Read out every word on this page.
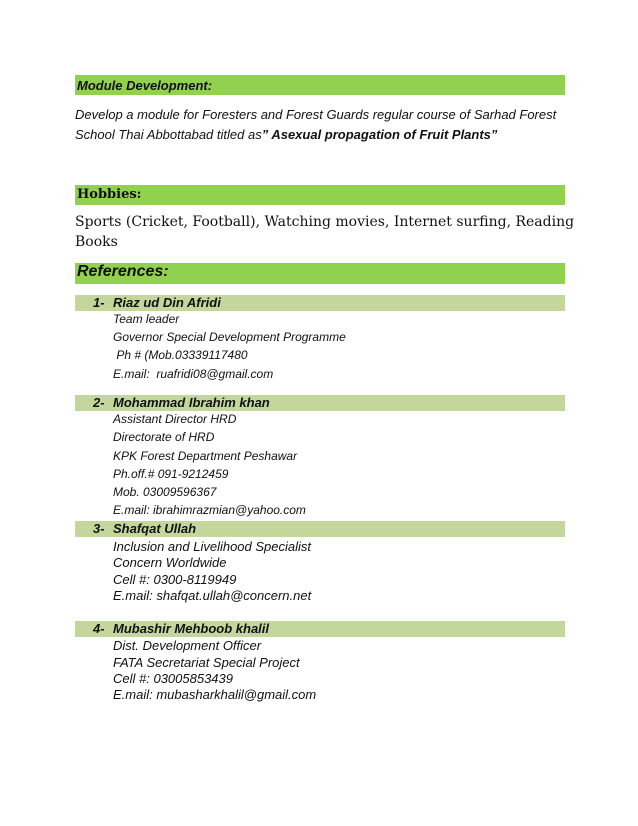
Module Development:
Develop a module for Foresters and Forest Guards regular course of Sarhad Forest
School Thai Abbottabad titled as” Asexual propagation of Fruit Plants”
Hobbies:
Sports (Cricket, Football), Watching movies, Internet surfing, Reading
Books
References:
1- Riaz ud Din Afridi
Team leader
Governor Special Development Programme
Ph # (Mob.03339117480
E.mail:  ruafridi08@gmail.com
2- Mohammad Ibrahim khan
Assistant Director HRD
Directorate of HRD
KPK Forest Department Peshawar
Ph.off.# 091-9212459
Mob. 03009596367
E.mail: ibrahimrazmian@yahoo.com
3- Shafqat Ullah
Inclusion and Livelihood Specialist
Concern Worldwide
Cell #: 0300-8119949
E.mail: shafqat.ullah@concern.net
4- Mubashir Mehboob khalil
Dist. Development Officer
FATA Secretariat Special Project
Cell #: 03005853439
E.mail: mubasharkhalil@gmail.com
